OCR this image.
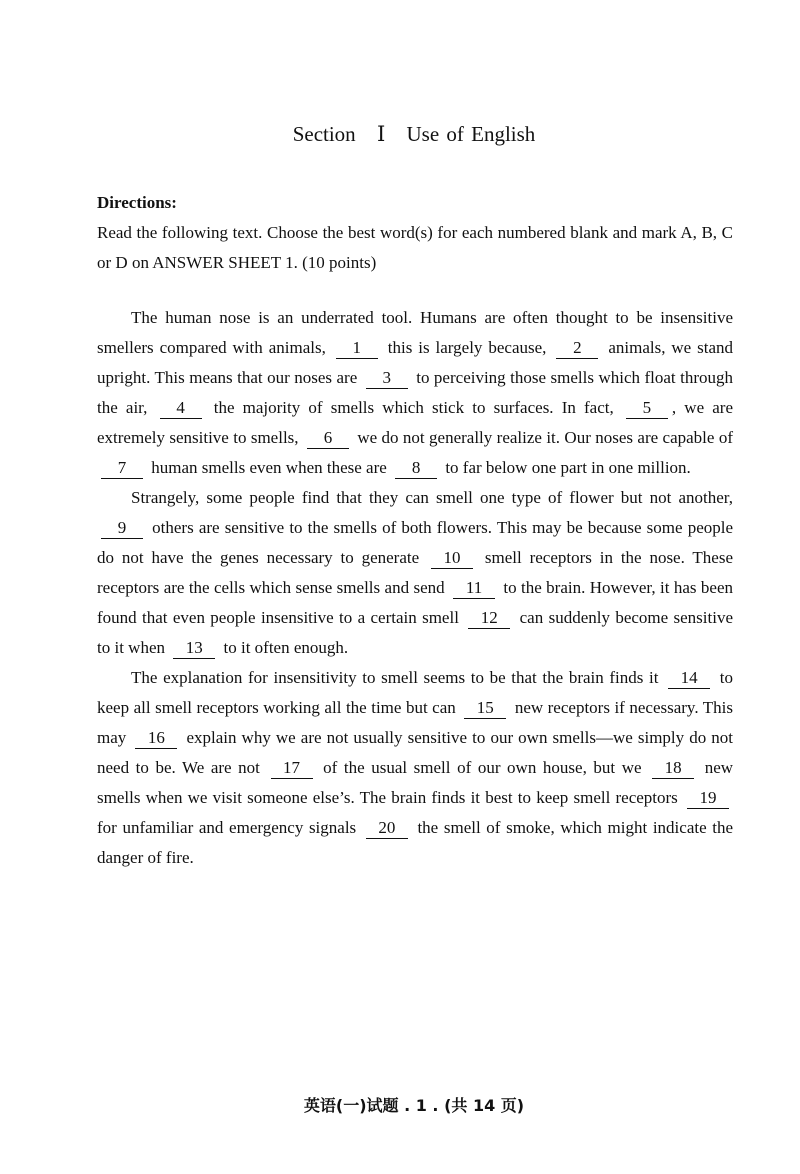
Section Ⅰ Use of English
Directions:

Read the following text. Choose the best word(s) for each numbered blank and mark A, B, C or D on ANSWER SHEET 1. (10 points)

The human nose is an underrated tool. Humans are often thought to be insensitive smellers compared with animals, 1 this is largely because, 2 animals, we stand upright. This means that our noses are 3 to perceiving those smells which float through the air, 4 the majority of smells which stick to surfaces. In fact, 5 , we are extremely sensitive to smells, 6 we do not generally realize it. Our noses are capable of 7 human smells even when these are 8 to far below one part in one million.

Strangely, some people find that they can smell one type of flower but not another, 9 others are sensitive to the smells of both flowers. This may be because some people do not have the genes necessary to generate 10 smell receptors in the nose. These receptors are the cells which sense smells and send 11 to the brain. However, it has been found that even people insensitive to a certain smell 12 can suddenly become sensitive to it when 13 to it often enough.

The explanation for insensitivity to smell seems to be that the brain finds it 14 to keep all smell receptors working all the time but can 15 new receptors if necessary. This may 16 explain why we are not usually sensitive to our own smells—we simply do not need to be. We are not 17 of the usual smell of our own house, but we 18 new smells when we visit someone else’s. The brain finds it best to keep smell receptors 19 for unfamiliar and emergency signals 20 the smell of smoke, which might indicate the danger of fire.

英语(一)试题 . 1 . (共 14 页)
